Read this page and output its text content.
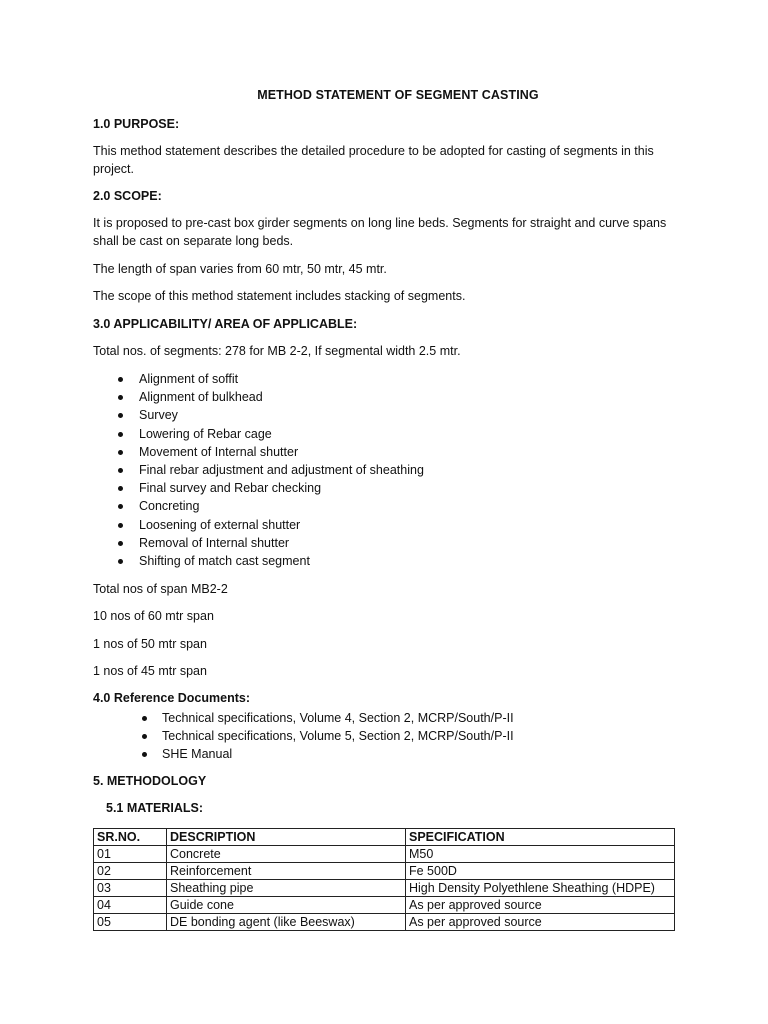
METHOD STATEMENT OF SEGMENT CASTING
1.0 PURPOSE:
This method statement describes the detailed procedure to be adopted for casting of segments in this project.
2.0 SCOPE:
It is proposed to pre-cast box girder segments on long line beds. Segments for straight and curve spans shall be cast on separate long beds.
The length of span varies from 60 mtr, 50 mtr, 45 mtr.
The scope of this method statement includes stacking of segments.
3.0 APPLICABILITY/ AREA OF APPLICABLE:
Total nos. of segments: 278 for MB 2-2, If segmental width 2.5 mtr.
Alignment of soffit
Alignment of bulkhead
Survey
Lowering of Rebar cage
Movement of Internal shutter
Final rebar adjustment and adjustment of sheathing
Final survey and Rebar checking
Concreting
Loosening of external shutter
Removal of Internal shutter
Shifting of match cast segment
Total nos of span MB2-2
10 nos of 60 mtr span
1 nos of 50 mtr span
1 nos of 45 mtr span
4.0 Reference Documents:
Technical specifications, Volume 4, Section 2, MCRP/South/P-II
Technical specifications, Volume 5, Section 2, MCRP/South/P-II
SHE Manual
5. METHODOLOGY
5.1 MATERIALS:
SR.NO.	DESCRIPTION	SPECIFICATION
01	Concrete	M50
02	Reinforcement	Fe 500D
03	Sheathing pipe	High Density Polyethlene Sheathing (HDPE)
04	Guide cone	As per approved source
05	DE bonding agent (like Beeswax)	As per approved source
